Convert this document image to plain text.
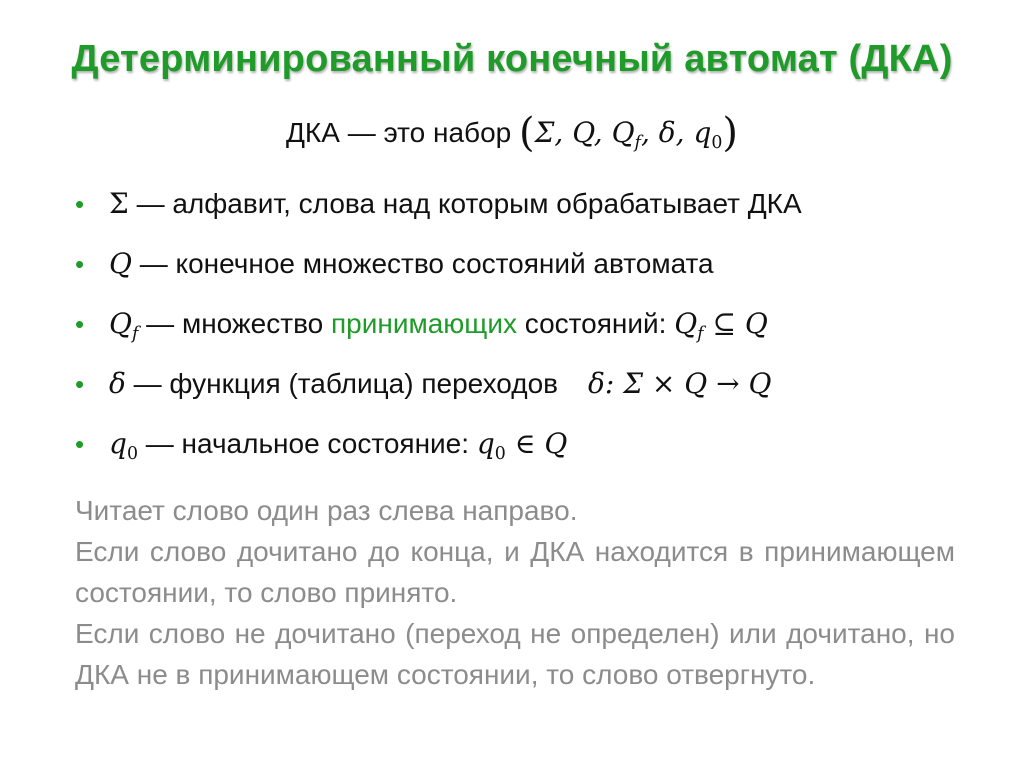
Детерминированный конечный автомат (ДКА)
ДКА — это набор (Σ, Q, $Q_f$, δ, $q_0$)
• Σ — алфавит, слова над которым обрабатывает ДКА
• Q — конечное множество состояний автомата
• $Q_f$ — множество принимающих состояний: $Q_f$ ⊆ Q
• δ — функция (таблица) переходов δ: Σ × Q → Q
• $q_0$ — начальное состояние: $q_0$ ∈ Q

Читает слово один раз слева направо.

Если слово дочитано до конца, и ДКА находится в принимающем состоянии, то слово принято.

Если слово не дочитано (переход не определен) или дочитано, но ДКА не в принимающем состоянии, то слово отвергнуто.
